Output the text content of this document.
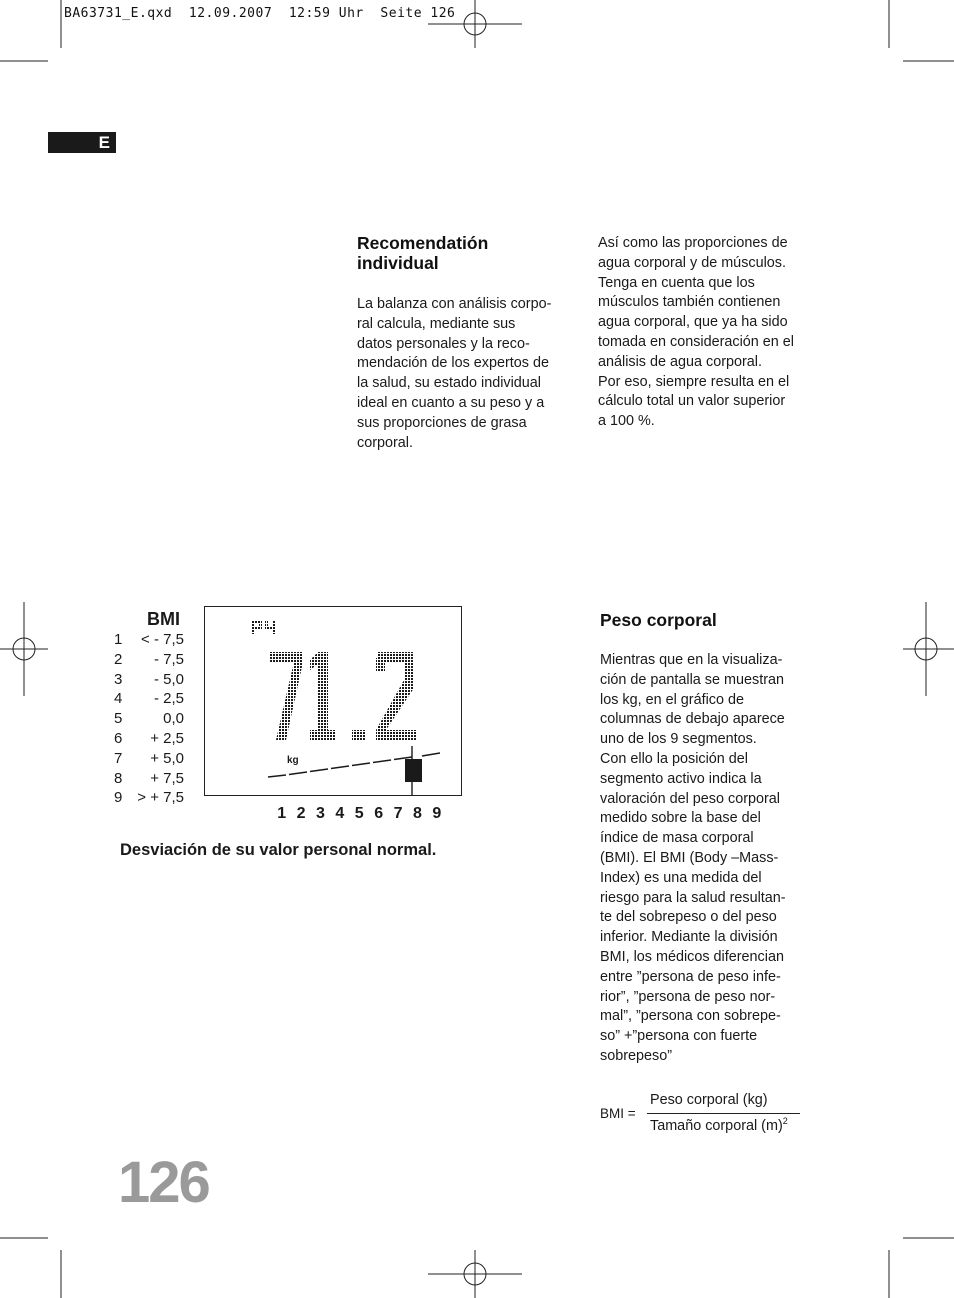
BA63731_E.qxd  12.09.2007  12:59 Uhr  Seite 126
E
Recomendatión
individual

La balanza con análisis corpo-
ral calcula, mediante sus
datos personales y la reco-
mendación de los expertos de
la salud, su estado individual
ideal en cuanto a su peso y a
sus proporciones de grasa
corporal.

Así como las proporciones de
agua corporal y de músculos.
Tenga en cuenta que los
músculos también contienen
agua corporal, que ya ha sido
tomada en consideración en el
análisis de agua corporal.
Por eso, siempre resulta en el
cálculo total un valor superior
a 100 %.

BMI
1 < - 7,5
2 - 7,5
3 - 5,0
4 - 2,5
5	0,0
6 + 2,5
7 + 5,0
8 + 7,5
9 > + 7,5
kg
1 2 3 4 5 6 7 8 9
Desviación de su valor personal normal.
Peso corporal

Mientras que en la visualiza-
ción de pantalla se muestran
los kg, en el gráfico de
columnas de debajo aparece
uno de los 9 segmentos.
Con ello la posición del
segmento activo indica la
valoración del peso corporal
medido sobre la base del
índice de masa corporal
(BMI). El BMI (Body –Mass-
Index) es una medida del
riesgo para la salud resultan-
te del sobrepeso o del peso
inferior. Mediante la división
BMI, los médicos diferencian
entre ”persona de peso infe-
rior”, ”persona de peso nor-
mal”, ”persona con sobrepe-
so” +”persona con fuerte
sobrepeso”

BMI =
Peso corporal (kg)
Tamaño corporal $(m)^2$
126
